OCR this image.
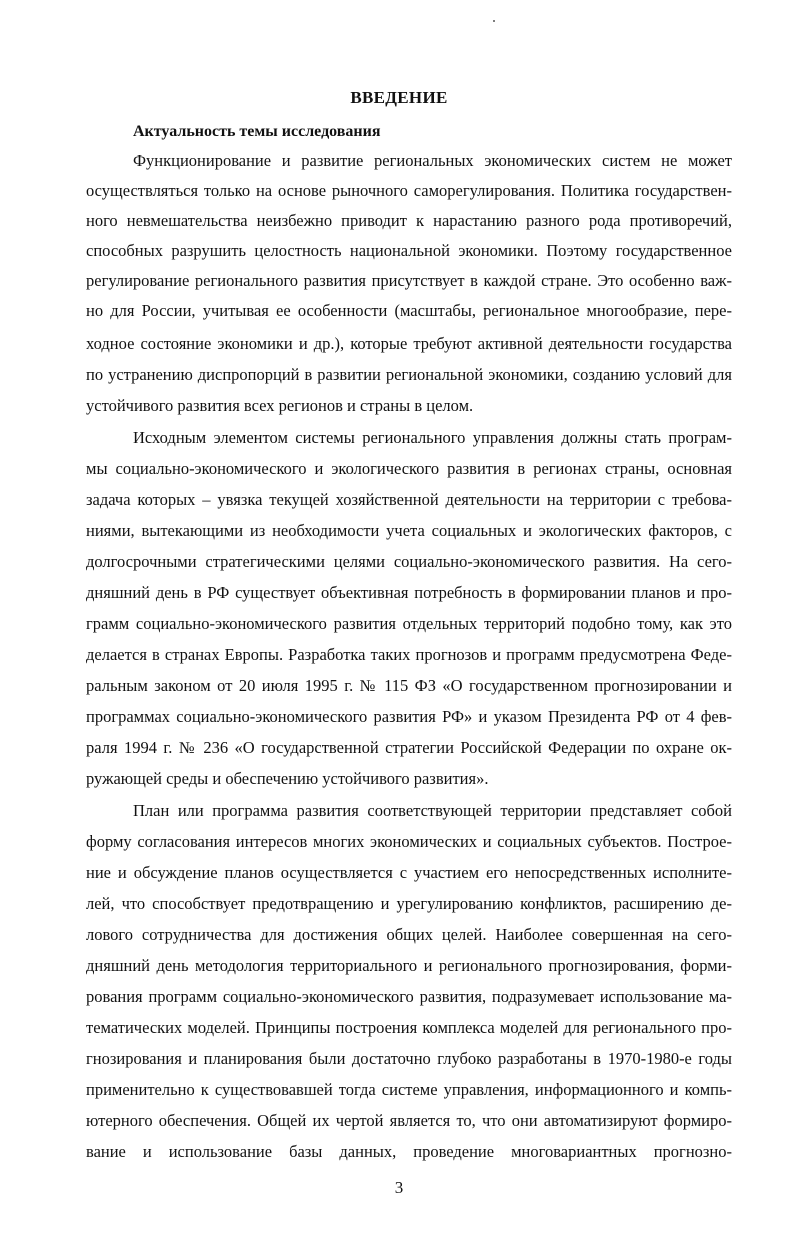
ВВЕДЕНИЕ
Актуальность темы исследования

Функционирование и развитие региональных экономических систем не может

осуществляться только на основе рыночного саморегулирования. Политика государствен-

ного невмешательства неизбежно приводит к нарастанию разного рода противоречий,

способных разрушить целостность национальной экономики. Поэтому государственное

регулирование регионального развития присутствует в каждой стране. Это особенно важ-

но для России, учитывая ее особенности (масштабы, региональное многообразие, пере-

ходное состояние экономики и др.), которые требуют активной деятельности государства

по устранению диспропорций в развитии региональной экономики, созданию условий для

устойчивого развития всех регионов и страны в целом.

Исходным элементом системы регионального управления должны стать програм-

мы социально-экономического и экологического развития в регионах страны, основная

задача которых – увязка текущей хозяйственной деятельности на территории с требова-

ниями, вытекающими из необходимости учета социальных и экологических факторов, с

долгосрочными стратегическими целями социально-экономического развития. На сего-

дняшний день в РФ существует объективная потребность в формировании планов и про-

грамм социально-экономического развития отдельных территорий подобно тому, как это

делается в странах Европы. Разработка таких прогнозов и программ предусмотрена Феде-

ральным законом от 20 июля 1995 г. № 115 ФЗ «О государственном прогнозировании и

программах социально-экономического развития РФ» и указом Президента РФ от 4 фев-

раля 1994 г. № 236 «О государственной стратегии Российской Федерации по охране ок-

ружающей среды и обеспечению устойчивого развития».

План или программа развития соответствующей территории представляет собой

форму согласования интересов многих экономических и социальных субъектов. Построе-

ние и обсуждение планов осуществляется с участием его непосредственных исполните-

лей, что способствует предотвращению и урегулированию конфликтов, расширению де-

лового сотрудничества для достижения общих целей. Наиболее совершенная на сего-

дняшний день методология территориального и регионального прогнозирования, форми-

рования программ социально-экономического развития, подразумевает использование ма-

тематических моделей. Принципы построения комплекса моделей для регионального про-

гнозирования и планирования были достаточно глубоко разработаны в 1970-1980-е годы

применительно к существовавшей тогда системе управления, информационного и компь-

ютерного обеспечения. Общей их чертой является то, что они автоматизируют формиро-

вание и использование базы данных, проведение многовариантных прогнозно-

3
